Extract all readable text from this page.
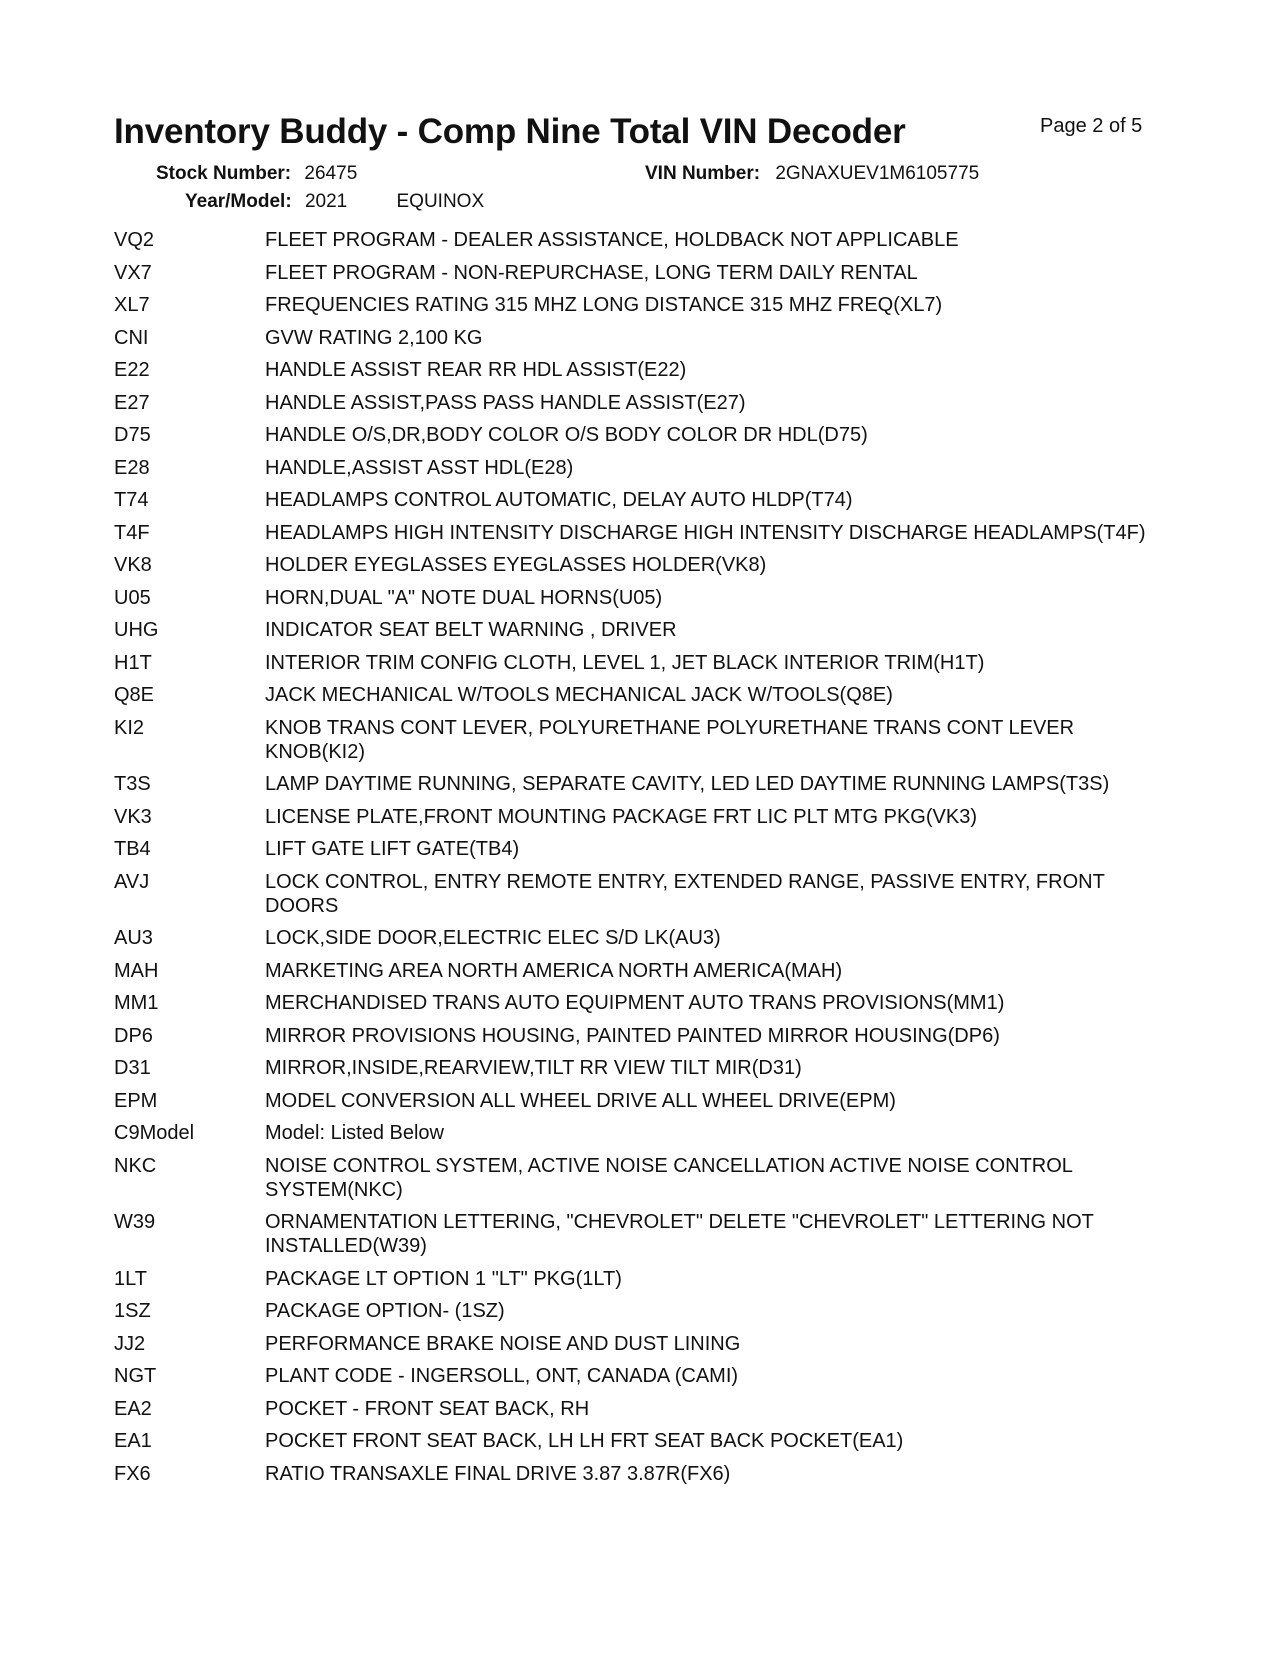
Inventory Buddy - Comp Nine Total VIN Decoder	Page 2 of 5
Stock Number: 26475	VIN Number: 2GNAXUEV1M6105775
Year/Model: 2021	EQUINOX
VQ2	FLEET PROGRAM - DEALER ASSISTANCE, HOLDBACK NOT APPLICABLE
VX7	FLEET PROGRAM - NON-REPURCHASE, LONG TERM DAILY RENTAL
XL7	FREQUENCIES RATING 315 MHZ LONG DISTANCE 315 MHZ FREQ(XL7)
CNI	GVW RATING 2,100 KG
E22	HANDLE ASSIST REAR RR HDL ASSIST(E22)
E27	HANDLE ASSIST,PASS PASS HANDLE ASSIST(E27)
D75	HANDLE O/S,DR,BODY COLOR O/S BODY COLOR DR HDL(D75)
E28	HANDLE,ASSIST ASST HDL(E28)
T74	HEADLAMPS CONTROL AUTOMATIC, DELAY AUTO HLDP(T74)
T4F	HEADLAMPS HIGH INTENSITY DISCHARGE HIGH INTENSITY DISCHARGE HEADLAMPS(T4F)
VK8	HOLDER EYEGLASSES EYEGLASSES HOLDER(VK8)
U05	HORN,DUAL "A" NOTE DUAL HORNS(U05)
UHG	INDICATOR SEAT BELT WARNING , DRIVER
H1T	INTERIOR TRIM CONFIG CLOTH, LEVEL 1, JET BLACK INTERIOR TRIM(H1T)
Q8E	JACK MECHANICAL W/TOOLS MECHANICAL JACK W/TOOLS(Q8E)
KI2	KNOB TRANS CONT LEVER, POLYURETHANE POLYURETHANE TRANS CONT LEVER KNOB(KI2)
T3S	LAMP DAYTIME RUNNING, SEPARATE CAVITY, LED LED DAYTIME RUNNING LAMPS(T3S)
VK3	LICENSE PLATE,FRONT MOUNTING PACKAGE FRT LIC PLT MTG PKG(VK3)
TB4	LIFT GATE LIFT GATE(TB4)
AVJ	LOCK CONTROL, ENTRY REMOTE ENTRY, EXTENDED RANGE, PASSIVE ENTRY, FRONT DOORS
AU3	LOCK,SIDE DOOR,ELECTRIC ELEC S/D LK(AU3)
MAH	MARKETING AREA NORTH AMERICA NORTH AMERICA(MAH)
MM1	MERCHANDISED TRANS AUTO EQUIPMENT AUTO TRANS PROVISIONS(MM1)
DP6	MIRROR PROVISIONS HOUSING, PAINTED PAINTED MIRROR HOUSING(DP6)
D31	MIRROR,INSIDE,REARVIEW,TILT RR VIEW TILT MIR(D31)
EPM	MODEL CONVERSION ALL WHEEL DRIVE ALL WHEEL DRIVE(EPM)
C9Model	Model: Listed Below
NKC	NOISE CONTROL SYSTEM, ACTIVE NOISE CANCELLATION ACTIVE NOISE CONTROL SYSTEM(NKC)
W39	ORNAMENTATION LETTERING, "CHEVROLET" DELETE "CHEVROLET" LETTERING NOT INSTALLED(W39)
1LT	PACKAGE LT OPTION 1 "LT" PKG(1LT)
1SZ	PACKAGE OPTION- (1SZ)
JJ2	PERFORMANCE BRAKE NOISE AND DUST LINING
NGT	PLANT CODE - INGERSOLL, ONT, CANADA (CAMI)
EA2	POCKET - FRONT SEAT BACK, RH
EA1	POCKET FRONT SEAT BACK, LH LH FRT SEAT BACK POCKET(EA1)
FX6	RATIO TRANSAXLE FINAL DRIVE 3.87 3.87R(FX6)
